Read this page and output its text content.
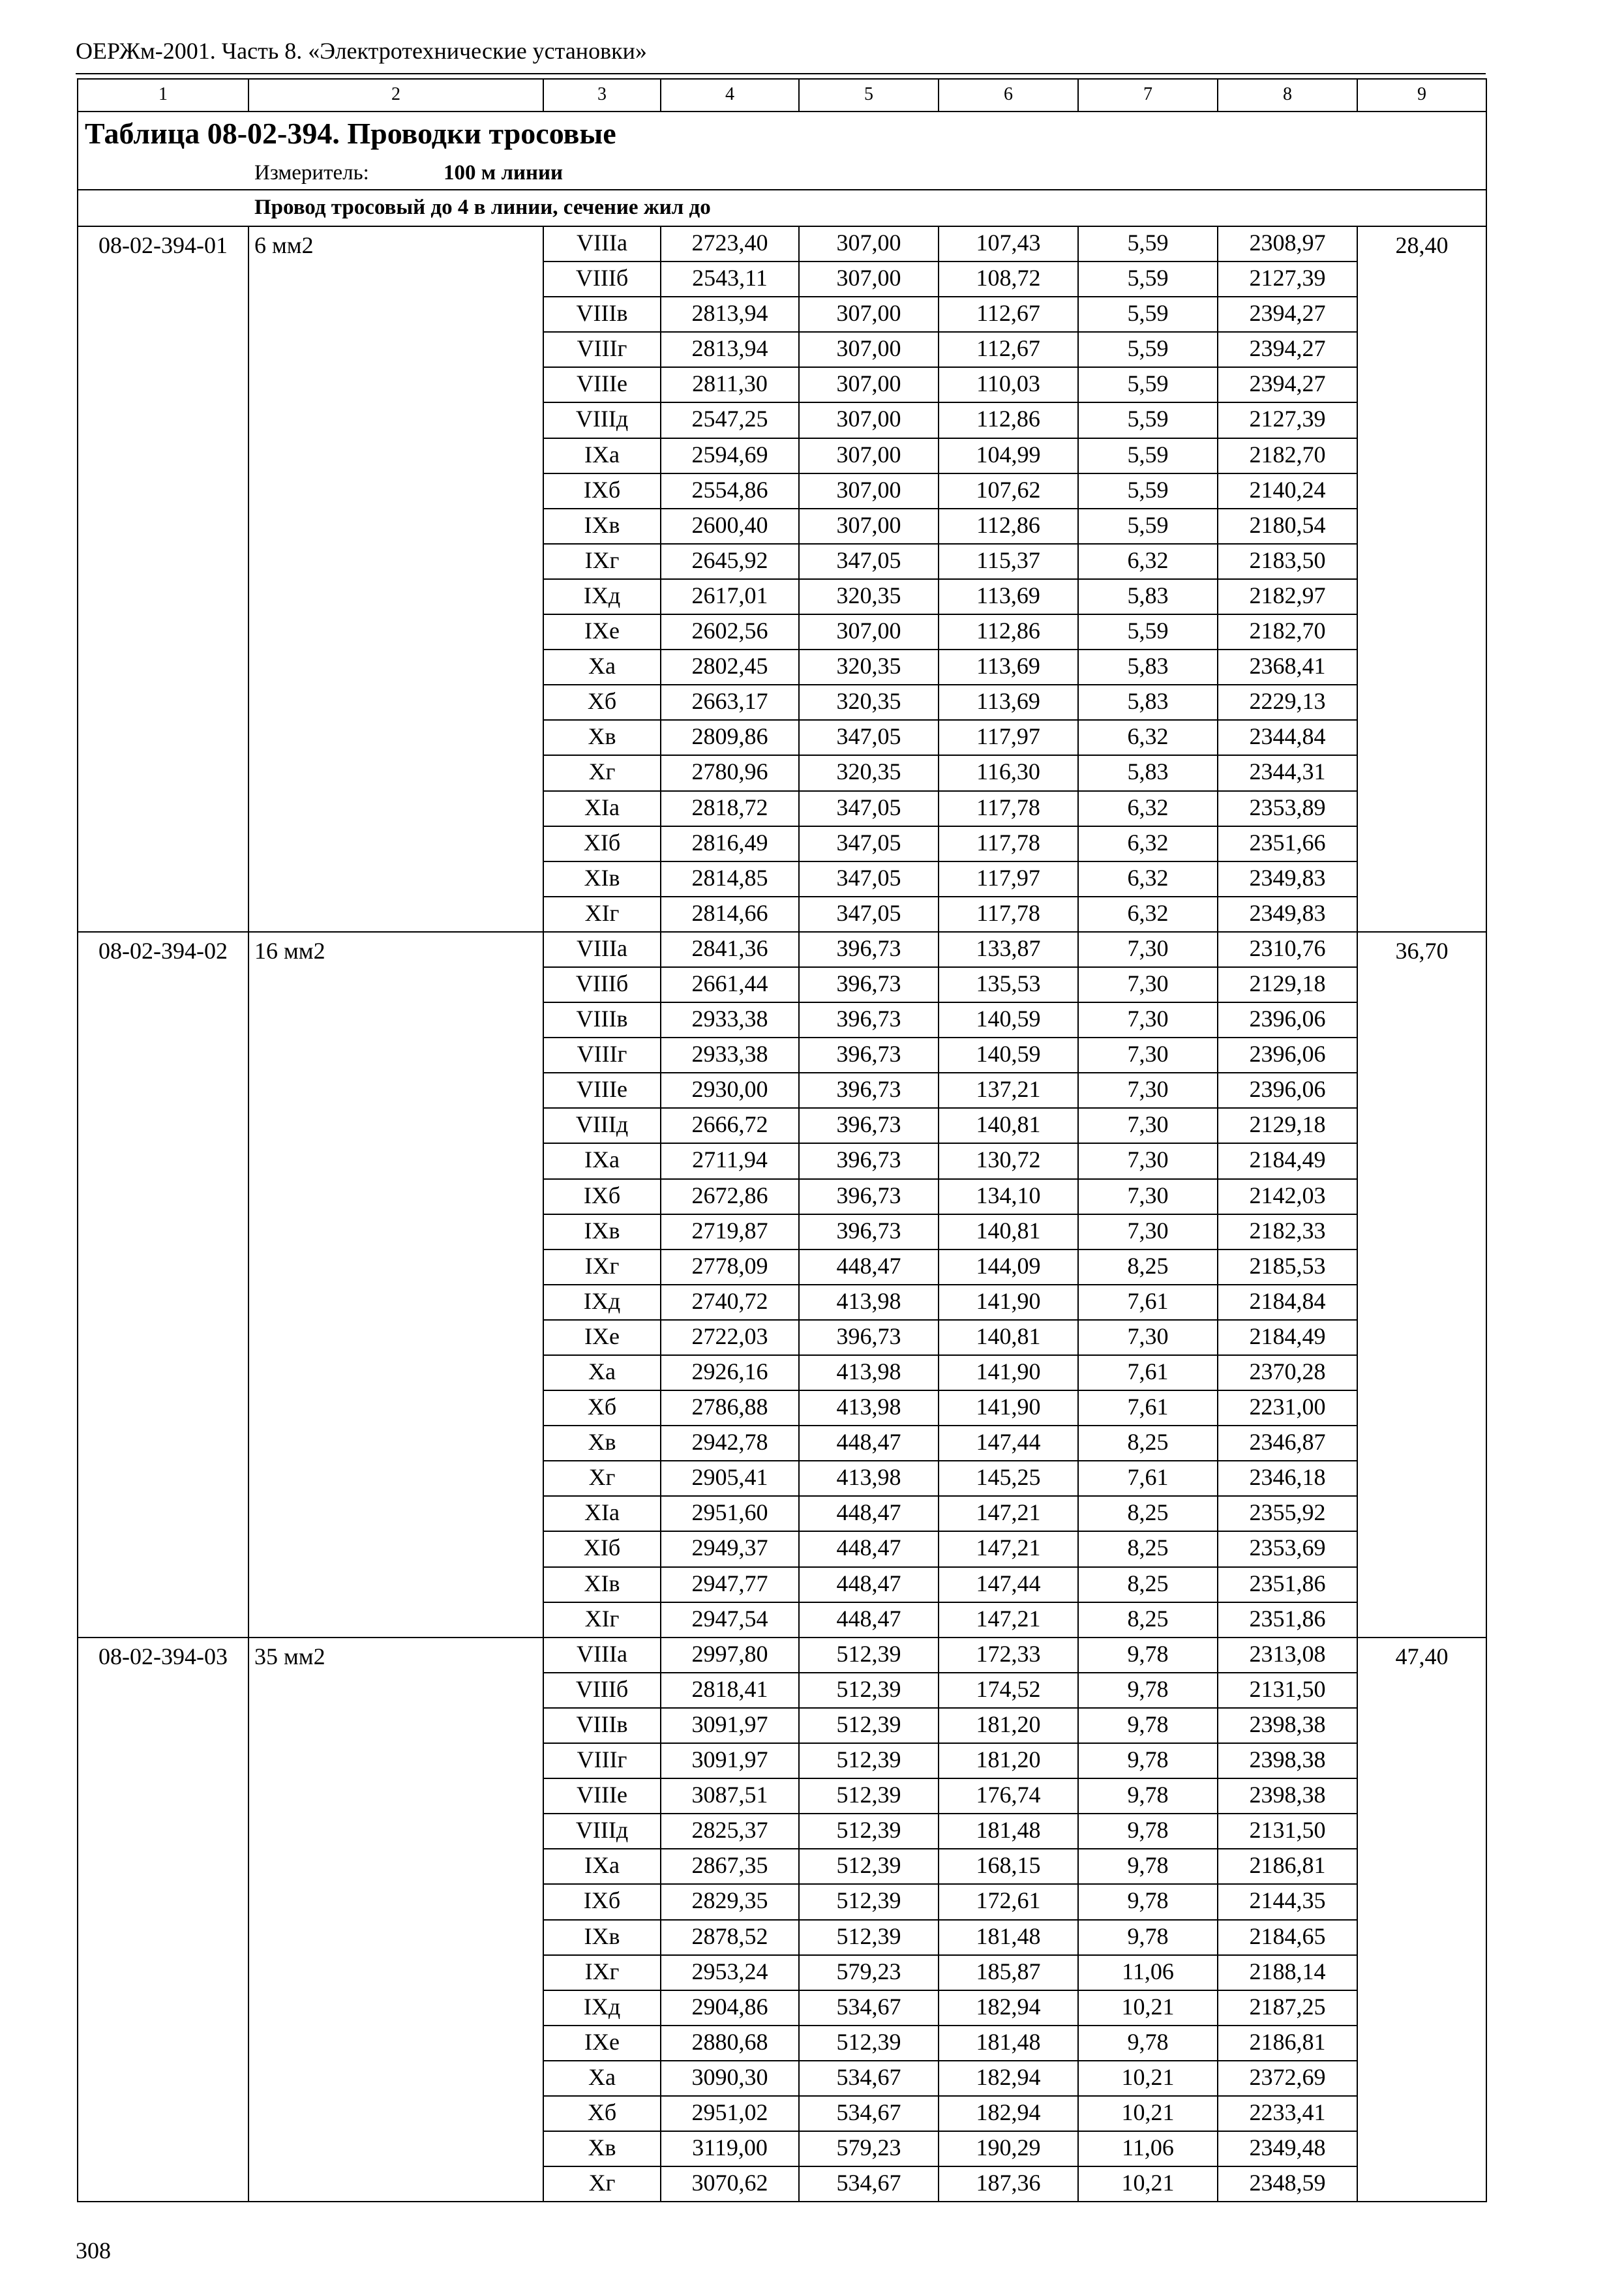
ОЕРЖм-2001. Часть 8. «Электротехнические установки»
1	2	3	4	5	6	7	8	9
Таблица 08-02-394. Проводки тросовые								
Измеритель: 100 м линии								
Провод тросовый до 4 в линии, сечение жил до								
08-02-394-01	6 мм2	VIIIа	2723,40	307,00	107,43	5,59	2308,97	28,40
		VIIIб	2543,11	307,00	108,72	5,59	2127,39	
		VIIIв	2813,94	307,00	112,67	5,59	2394,27	
		VIIIг	2813,94	307,00	112,67	5,59	2394,27	
		VIIIе	2811,30	307,00	110,03	5,59	2394,27	
		VIIIд	2547,25	307,00	112,86	5,59	2127,39	
		IXа	2594,69	307,00	104,99	5,59	2182,70	
		IXб	2554,86	307,00	107,62	5,59	2140,24	
		IXв	2600,40	307,00	112,86	5,59	2180,54	
		IXг	2645,92	347,05	115,37	6,32	2183,50	
		IXд	2617,01	320,35	113,69	5,83	2182,97	
		IXе	2602,56	307,00	112,86	5,59	2182,70	
		Xа	2802,45	320,35	113,69	5,83	2368,41	
		Xб	2663,17	320,35	113,69	5,83	2229,13	
		Xв	2809,86	347,05	117,97	6,32	2344,84	
		Xг	2780,96	320,35	116,30	5,83	2344,31	
		XIа	2818,72	347,05	117,78	6,32	2353,89	
		XIб	2816,49	347,05	117,78	6,32	2351,66	
		XIв	2814,85	347,05	117,97	6,32	2349,83	
		XIг	2814,66	347,05	117,78	6,32	2349,83	
08-02-394-02	16 мм2	VIIIа	2841,36	396,73	133,87	7,30	2310,76	36,70
		VIIIб	2661,44	396,73	135,53	7,30	2129,18	
		VIIIв	2933,38	396,73	140,59	7,30	2396,06	
		VIIIг	2933,38	396,73	140,59	7,30	2396,06	
		VIIIе	2930,00	396,73	137,21	7,30	2396,06	
		VIIIд	2666,72	396,73	140,81	7,30	2129,18	
		IXа	2711,94	396,73	130,72	7,30	2184,49	
		IXб	2672,86	396,73	134,10	7,30	2142,03	
		IXв	2719,87	396,73	140,81	7,30	2182,33	
		IXг	2778,09	448,47	144,09	8,25	2185,53	
		IXд	2740,72	413,98	141,90	7,61	2184,84	
		IXе	2722,03	396,73	140,81	7,30	2184,49	
		Xа	2926,16	413,98	141,90	7,61	2370,28	
		Xб	2786,88	413,98	141,90	7,61	2231,00	
		Xв	2942,78	448,47	147,44	8,25	2346,87	
		Xг	2905,41	413,98	145,25	7,61	2346,18	
		XIа	2951,60	448,47	147,21	8,25	2355,92	
		XIб	2949,37	448,47	147,21	8,25	2353,69	
		XIв	2947,77	448,47	147,44	8,25	2351,86	
		XIг	2947,54	448,47	147,21	8,25	2351,86	
08-02-394-03	35 мм2	VIIIа	2997,80	512,39	172,33	9,78	2313,08	47,40
		VIIIб	2818,41	512,39	174,52	9,78	2131,50	
		VIIIв	3091,97	512,39	181,20	9,78	2398,38	
		VIIIг	3091,97	512,39	181,20	9,78	2398,38	
		VIIIе	3087,51	512,39	176,74	9,78	2398,38	
		VIIIд	2825,37	512,39	181,48	9,78	2131,50	
		IXа	2867,35	512,39	168,15	9,78	2186,81	
		IXб	2829,35	512,39	172,61	9,78	2144,35	
		IXв	2878,52	512,39	181,48	9,78	2184,65	
		IXг	2953,24	579,23	185,87	11,06	2188,14	
		IXд	2904,86	534,67	182,94	10,21	2187,25	
		IXе	2880,68	512,39	181,48	9,78	2186,81	
		Xа	3090,30	534,67	182,94	10,21	2372,69	
		Xб	2951,02	534,67	182,94	10,21	2233,41	
		Xв	3119,00	579,23	190,29	11,06	2349,48	
		Xг	3070,62	534,67	187,36	10,21	2348,59	
308
